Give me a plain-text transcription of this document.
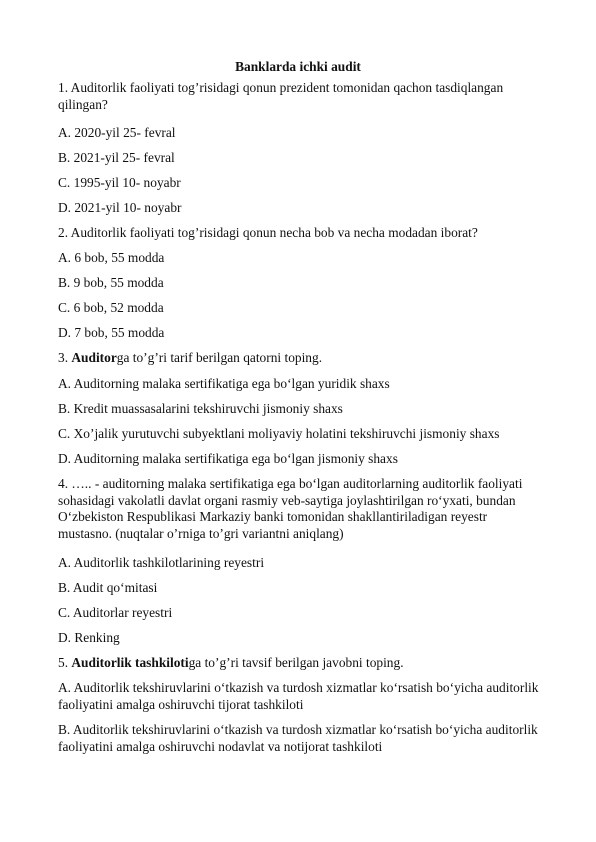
Banklarda ichki audit
1. Auditorlik faoliyati tog’risidagi qonun prezident tomonidan qachon tasdiqlangan qilingan?
A. 2020-yil 25- fevral
B. 2021-yil 25- fevral
C. 1995-yil 10- noyabr
D. 2021-yil 10- noyabr
2. Auditorlik faoliyati tog’risidagi qonun necha bob va necha modadan iborat?
A. 6 bob, 55 modda
B. 9 bob, 55 modda
C. 6 bob, 52 modda
D. 7 bob, 55 modda
3. Auditorga to’g’ri tarif berilgan qatorni toping.
A. Auditorning malaka sertifikatiga ega bo‘lgan yuridik shaxs
B. Kredit muassasalarini tekshiruvchi jismoniy shaxs
C. Xo’jalik yurutuvchi subyektlani moliyaviy holatini tekshiruvchi jismoniy shaxs
D. Auditorning malaka sertifikatiga ega bo‘lgan jismoniy shaxs
4. ….. - auditorning malaka sertifikatiga ega bo‘lgan auditorlarning auditorlik faoliyati sohasidagi vakolatli davlat organi rasmiy veb-saytiga joylashtirilgan ro‘yxati, bundan O‘zbekiston Respublikasi Markaziy banki tomonidan shakllantiriladigan reyestr mustasno. (nuqtalar o’rniga to’gri variantni aniqlang)
A. Auditorlik tashkilotlarining reyestri
B. Audit qo‘mitasi
C. Auditorlar reyestri
D. Renking
5. Auditorlik tashkilotiga to’g’ri tavsif berilgan javobni toping.
A. Auditorlik tekshiruvlarini o‘tkazish va turdosh xizmatlar ko‘rsatish bo‘yicha auditorlik faoliyatini amalga oshiruvchi tijorat tashkiloti
B. Auditorlik tekshiruvlarini o‘tkazish va turdosh xizmatlar ko‘rsatish bo‘yicha auditorlik faoliyatini amalga oshiruvchi nodavlat va notijorat tashkiloti
